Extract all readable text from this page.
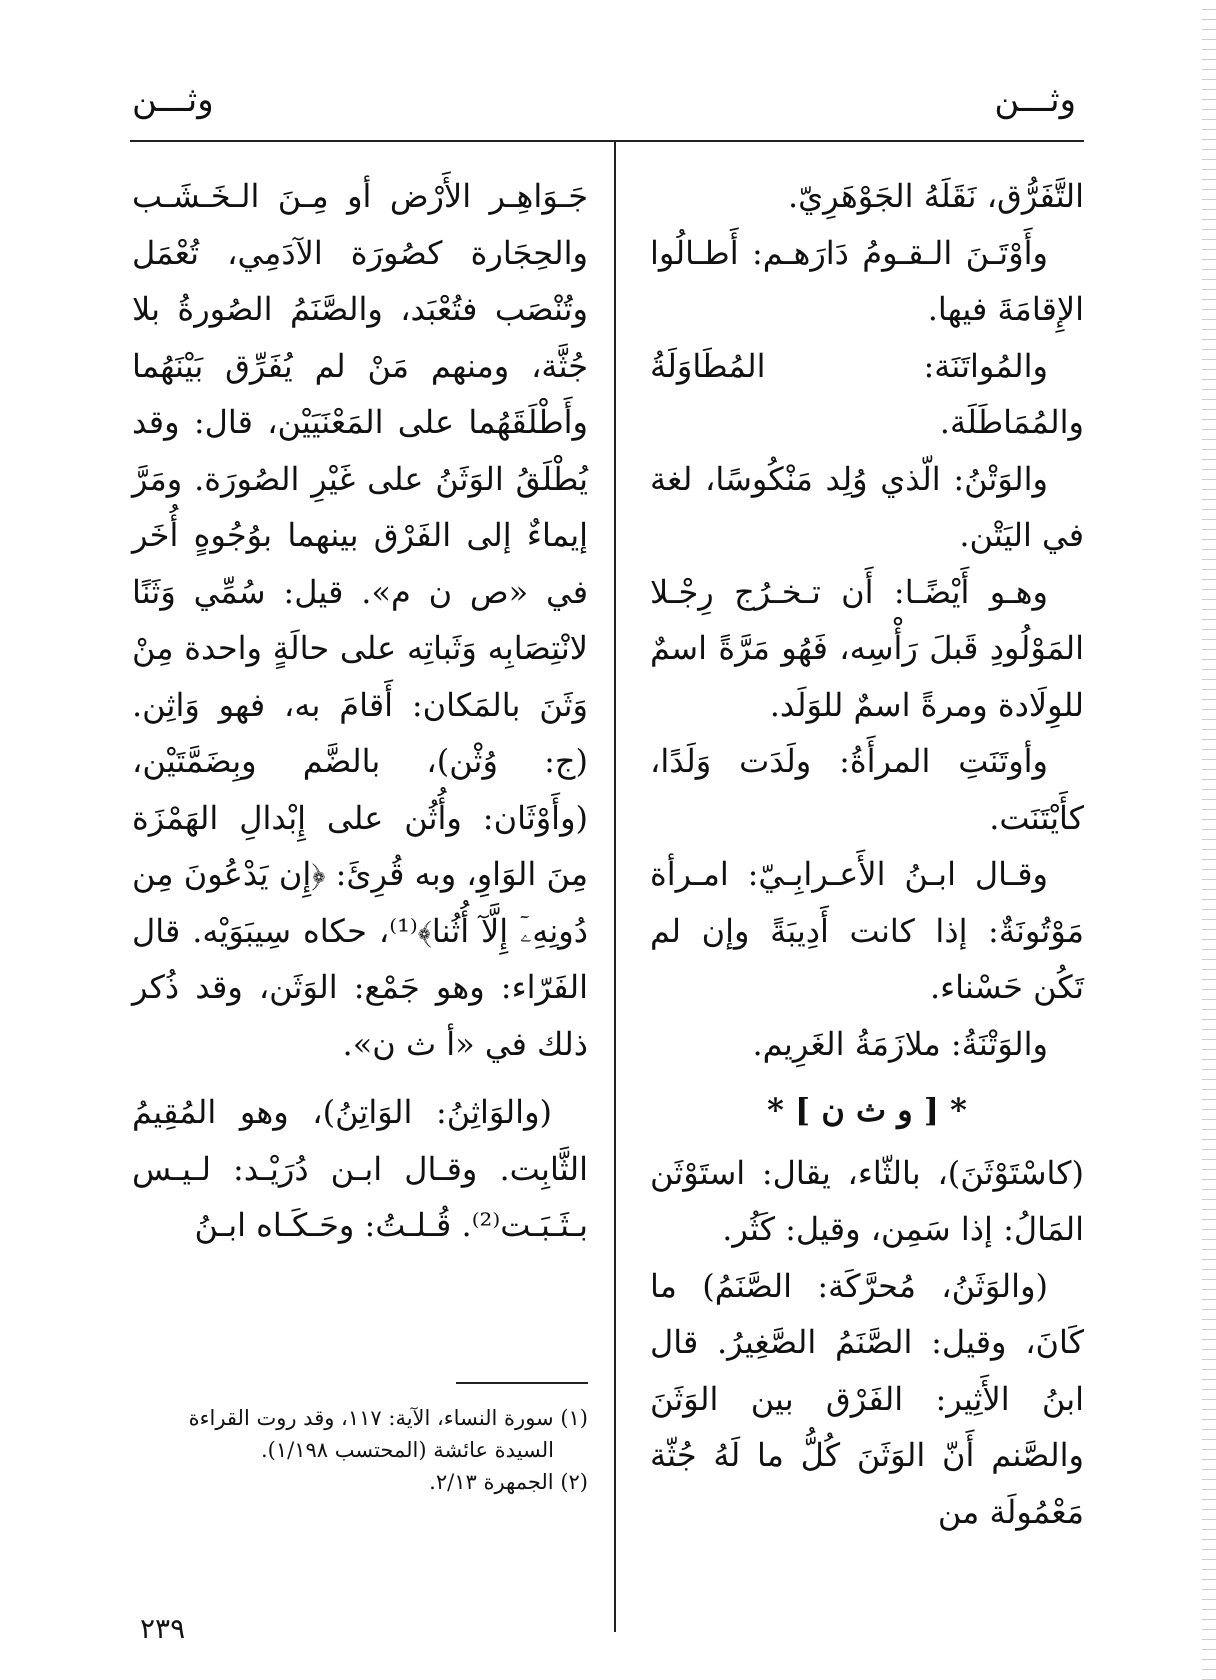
وثـــن	وثـــن

التَّفَرُّق، نَقَلَهُ الجَوْهَرِيّ.

وأَوْتَـنَ الـقـومُ دَارَهـم: أَطـالُوا الإِقامَةَ فيها.

والمُواتَنَة: المُطَاوَلَةُ والمُمَاطَلَة.

والوَتْنُ: الّذي وُلِد مَنْكُوسًا، لغة في اليَتْن.

وهـو أَيْضًـا: أَن تـخـرُج رِجْـلا المَوْلُودِ قَبلَ رَأْسِه، فَهُو مَرَّةً اسمٌ للوِلَادة ومرةً اسمٌ للوَلَد.

وأوتَنَتِ المرأَةُ: ولَدَت وَلَدًا، كأَيْتَنَت.

وقـال ابـنُ الأَعـرابِـيّ: امـرأة مَوْتُونَةٌ: إذا كانت أَدِيبَةً وإن لم تَكُن حَسْناء.

والوَتْنَةُ: ملازَمَةُ الغَرِيم.

* [ و ث ن ] *

(كاسْتَوْثَنَ)، بالثّاء، يقال: استَوْثَن المَالُ: إذا سَمِن، وقيل: كَثُر.

(والوَثَنُ، مُحرَّكَة: الصَّنَمُ) ما كَانَ، وقيل: الصَّنَمُ الصَّغِيرُ. قال ابنُ الأَثِير: الفَرْق بين الوَثَنَ والصَّنم أَنّ الوَثَنَ كُلُّ ما لَهُ جُثّة مَعْمُولَة من

جَـوَاهِـر الأَرْض أو مِـنَ الـخَـشَـب والحِجَارة كصُورَة الآدَمِي، تُعْمَل وتُنْصَب فتُعْبَد، والصَّنَمُ الصُورةُ بلا جُثَّة، ومنهم مَنْ لم يُفَرِّق بَيْنَهُما وأَطْلَقَهُما على المَعْنَيَيْن، قال: وقد يُطْلَقُ الوَثَنُ على غَيْرِ الصُورَة. ومَرَّ إيماءٌ إلى الفَرْق بينهما بوُجُوهٍ أُخَر في «ص ن م». قيل: سُمِّي وَثَنًا لانْتِصَابِه وَثَباتِه على حالَةٍ واحدة مِنْ وَثَنَ بالمَكان: أَقامَ به، فهو وَاثِن. (ج: وُثْن)، بالضَّم وبِضَمَّتَيْن، (وأَوْثَان: وأُثُن على إِبْدالِ الهَمْزَة مِنَ الوَاوِ، وبه قُرِئَ: ﴿إِن يَدْعُونَ مِن دُونِهِۦٓ إِلَّآ أُثُنا﴾⁽¹⁾، حكاه سِيبَوَيْه. قال الفَرّاء: وهو جَمْع: الوَثَن، وقد ذُكر ذلك في «أ ث ن».

(والوَاثِنُ: الوَاتِنُ)، وهو المُقِيمُ الثَّابِت. وقـال ابـن دُرَيْـد: لـيـس بـثَـبَـت⁽²⁾. قُـلـتُ: وحَـكَـاه ابـنُ

(١) سورة النساء، الآية: ١١٧، وقد روت القراءة

السيدة عائشة (المحتسب ١/١٩٨).

(٢) الجمهرة ٢/١٣.

٢٣٩
